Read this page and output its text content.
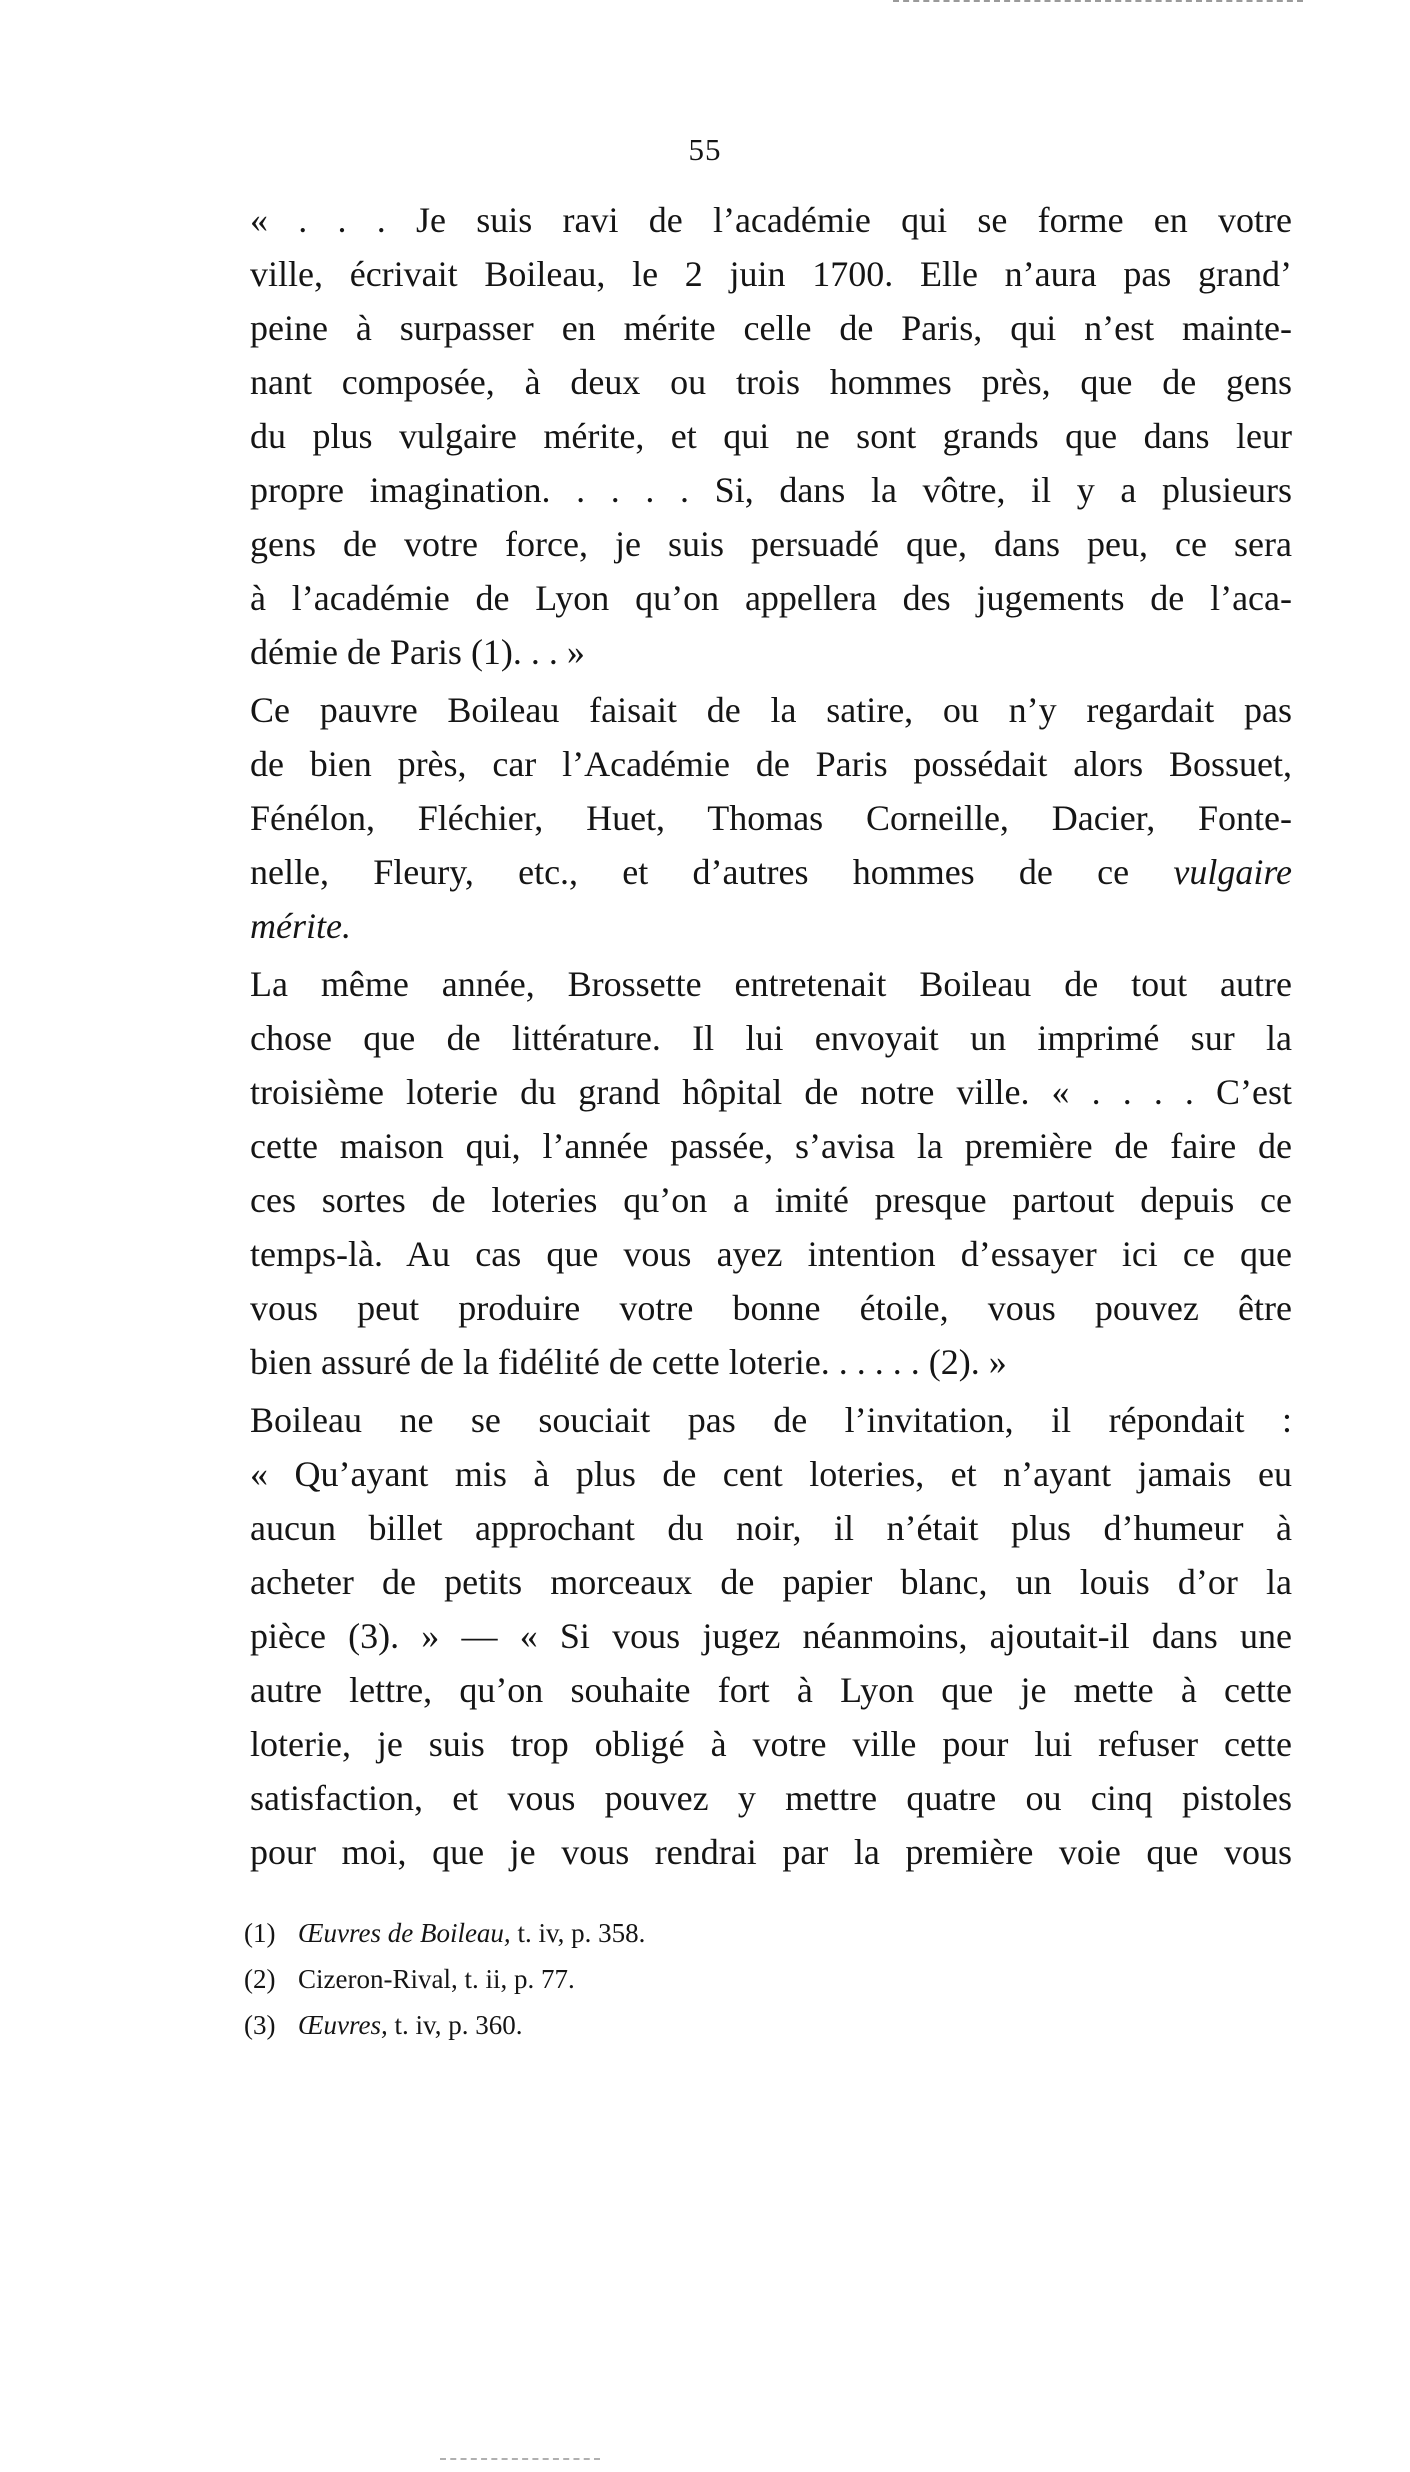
55

« . . . Je suis ravi de l’académie qui se forme en votre
ville, écrivait Boileau, le 2 juin 1700. Elle n’aura pas grand’
peine à surpasser en mérite celle de Paris, qui n’est mainte-
nant composée, à deux ou trois hommes près, que de gens
du plus vulgaire mérite, et qui ne sont grands que dans leur
propre imagination. . . . . Si, dans la vôtre, il y a plusieurs
gens de votre force, je suis persuadé que, dans peu, ce sera
à l’académie de Lyon qu’on appellera des jugements de l’aca-
démie de Paris (1). . . »

Ce pauvre Boileau faisait de la satire, ou n’y regardait pas
de bien près, car l’Académie de Paris possédait alors Bossuet,
Fénélon, Fléchier, Huet, Thomas Corneille, Dacier, Fonte-
nelle, Fleury, etc., et d’autres hommes de ce vulgaire
mérite.

La même année, Brossette entretenait Boileau de tout autre
chose que de littérature. Il lui envoyait un imprimé sur la
troisième loterie du grand hôpital de notre ville. « . . . . C’est
cette maison qui, l’année passée, s’avisa la première de faire de
ces sortes de loteries qu’on a imité presque partout depuis ce
temps-là. Au cas que vous ayez intention d’essayer ici ce que
vous peut produire votre bonne étoile, vous pouvez être
bien assuré de la fidélité de cette loterie. . . . . . (2). »

Boileau ne se souciait pas de l’invitation, il répondait :
« Qu’ayant mis à plus de cent loteries, et n’ayant jamais eu
aucun billet approchant du noir, il n’était plus d’humeur à
acheter de petits morceaux de papier blanc, un louis d’or la
pièce (3). » — « Si vous jugez néanmoins, ajoutait-il dans une
autre lettre, qu’on souhaite fort à Lyon que je mette à cette
loterie, je suis trop obligé à votre ville pour lui refuser cette
satisfaction, et vous pouvez y mettre quatre ou cinq pistoles
pour moi, que je vous rendrai par la première voie que vous

(1) Œuvres de Boileau, t. iv, p. 358.
(2) Cizeron-Rival, t. ii, p. 77.
(3) Œuvres, t. iv, p. 360.
